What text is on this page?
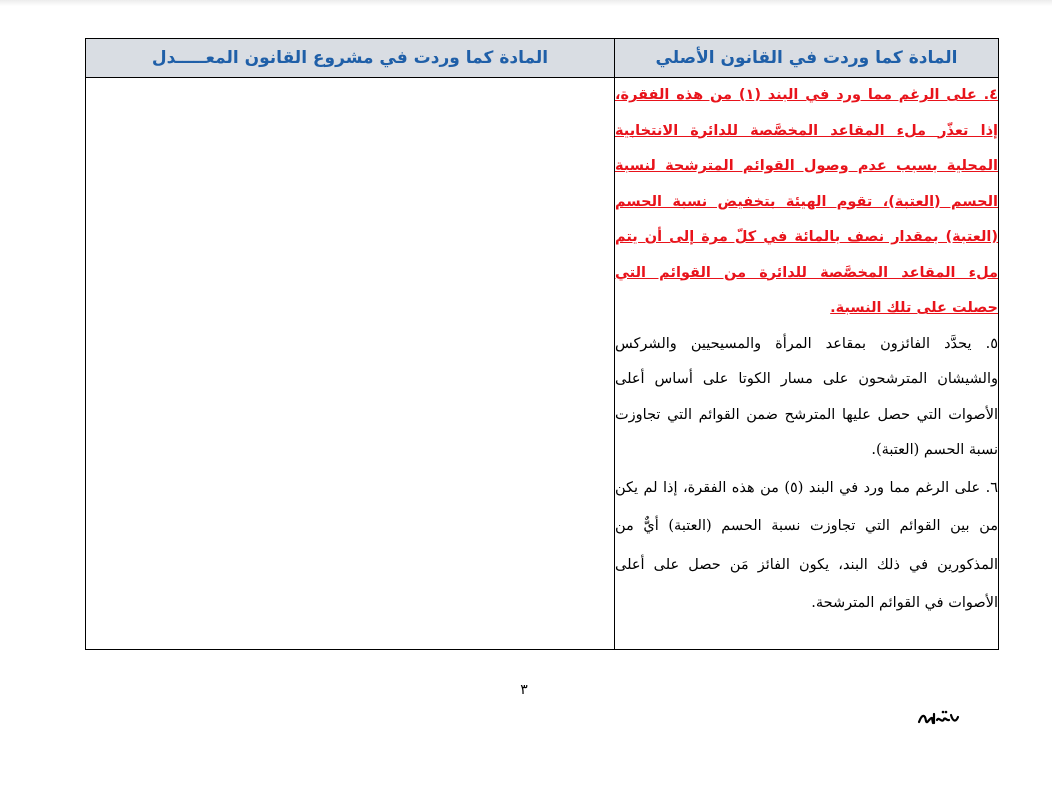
المادة كما وردت في القانون الأصلي	المادة كما وردت في مشروع القانون المعـــــدل

٤. على الرغم مما ورد في البند (١) من هذه الفقرة، إذا تعذّر ملء المقاعد المخصَّصة للدائرة الانتخابية المحلية بسبب عدم وصول القوائم المترشحة لنسبة الحسم (العتبة)، تقوم الهيئة بتخفيض نسبة الحسم (العتبة) بمقدار نصف بالمائة في كلّ مرة إلى أن يتم ملء المقاعد المخصَّصة للدائرة من القوائم التي حصلت على تلك النسبة.

٥. يحدَّد الفائزون بمقاعد المرأة والمسيحيين والشركس والشيشان المترشحون على مسار الكوتا على أساس أعلى الأصوات التي حصل عليها المترشح ضمن القوائم التي تجاوزت نسبة الحسم (العتبة).

٦. على الرغم مما ورد في البند (٥) من هذه الفقرة، إذا لم يكن من بين القوائم التي تجاوزت نسبة الحسم (العتبة) أيٌّ من المذكورين في ذلك البند، يكون الفائز مَن حصل على أعلى الأصوات في القوائم المترشحة.	

٣
